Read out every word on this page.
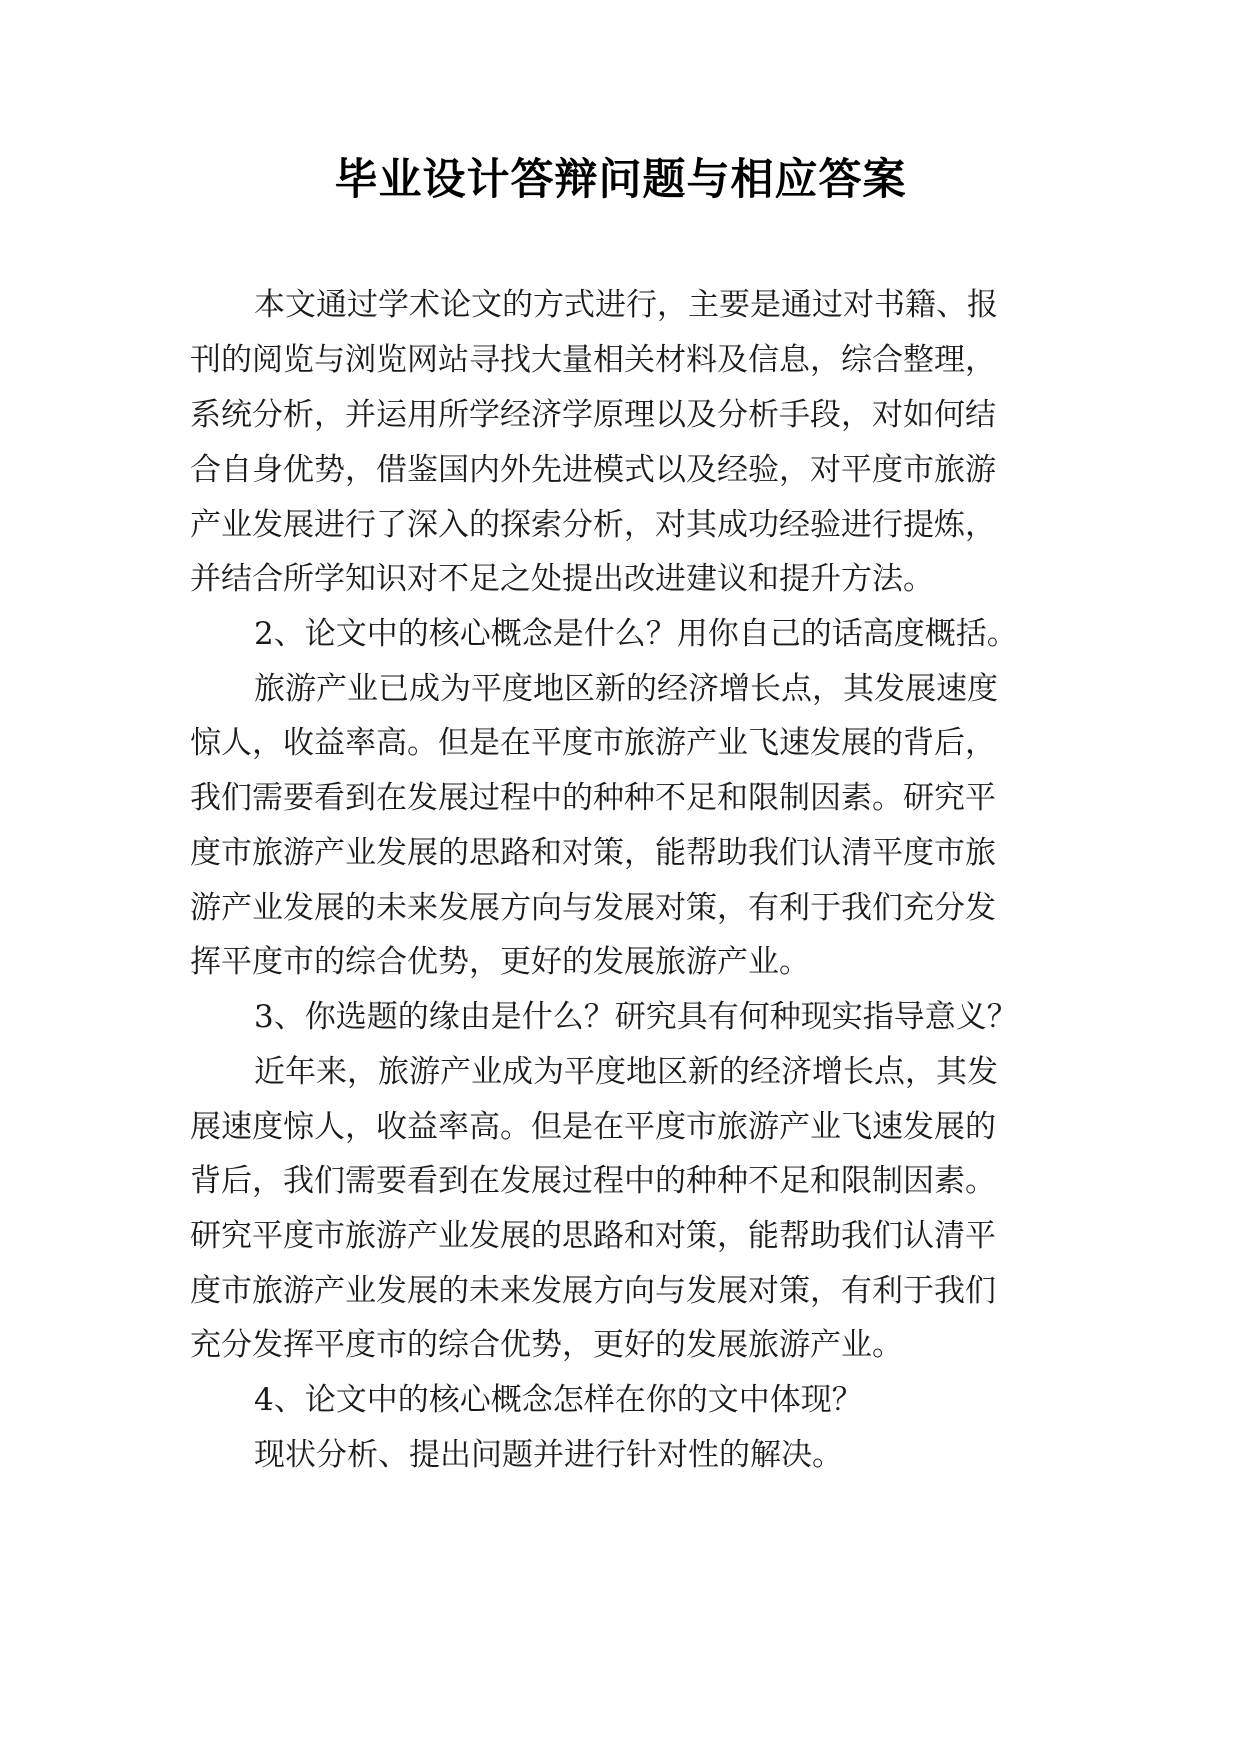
毕业设计答辩问题与相应答案
本文通过学术论文的方式进行，主要是通过对书籍、报
刊的阅览与浏览网站寻找大量相关材料及信息，综合整理，
系统分析，并运用所学经济学原理以及分析手段，对如何结
合自身优势，借鉴国内外先进模式以及经验，对平度市旅游
产业发展进行了深入的探索分析，对其成功经验进行提炼，
并结合所学知识对不足之处提出改进建议和提升方法。
2、论文中的核心概念是什么？用你自己的话高度概括。
旅游产业已成为平度地区新的经济增长点，其发展速度
惊人，收益率高。但是在平度市旅游产业飞速发展的背后，
我们需要看到在发展过程中的种种不足和限制因素。研究平
度市旅游产业发展的思路和对策，能帮助我们认清平度市旅
游产业发展的未来发展方向与发展对策，有利于我们充分发
挥平度市的综合优势，更好的发展旅游产业。
3、你选题的缘由是什么？研究具有何种现实指导意义？
近年来，旅游产业成为平度地区新的经济增长点，其发
展速度惊人，收益率高。但是在平度市旅游产业飞速发展的
背后，我们需要看到在发展过程中的种种不足和限制因素。
研究平度市旅游产业发展的思路和对策，能帮助我们认清平
度市旅游产业发展的未来发展方向与发展对策，有利于我们
充分发挥平度市的综合优势，更好的发展旅游产业。
4、论文中的核心概念怎样在你的文中体现？
现状分析、提出问题并进行针对性的解决。
